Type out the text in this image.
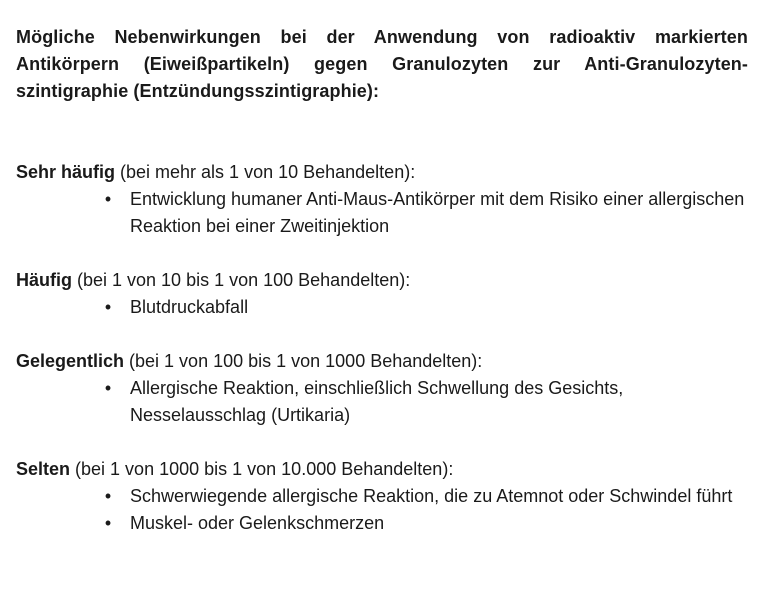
Mögliche Nebenwirkungen bei der Anwendung von radioaktiv markierten Antikörpern (Eiweißpartikeln) gegen Granulozyten zur Anti-Granulozyten-szintigraphie (Entzündungsszintigraphie):

Sehr häufig (bei mehr als 1 von 10 Behandelten):

• Entwicklung humaner Anti-Maus-Antikörper mit dem Risiko einer allergischen Reaktion bei einer Zweitinjektion

Häufig (bei 1 von 10 bis 1 von 100 Behandelten):

• Blutdruckabfall

Gelegentlich (bei 1 von 100 bis 1 von 1000 Behandelten):

• Allergische Reaktion, einschließlich Schwellung des Gesichts, Nesselausschlag (Urtikaria)

Selten (bei 1 von 1000 bis 1 von 10.000 Behandelten):

• Schwerwiegende allergische Reaktion, die zu Atemnot oder Schwindel führt
• Muskel- oder Gelenkschmerzen
